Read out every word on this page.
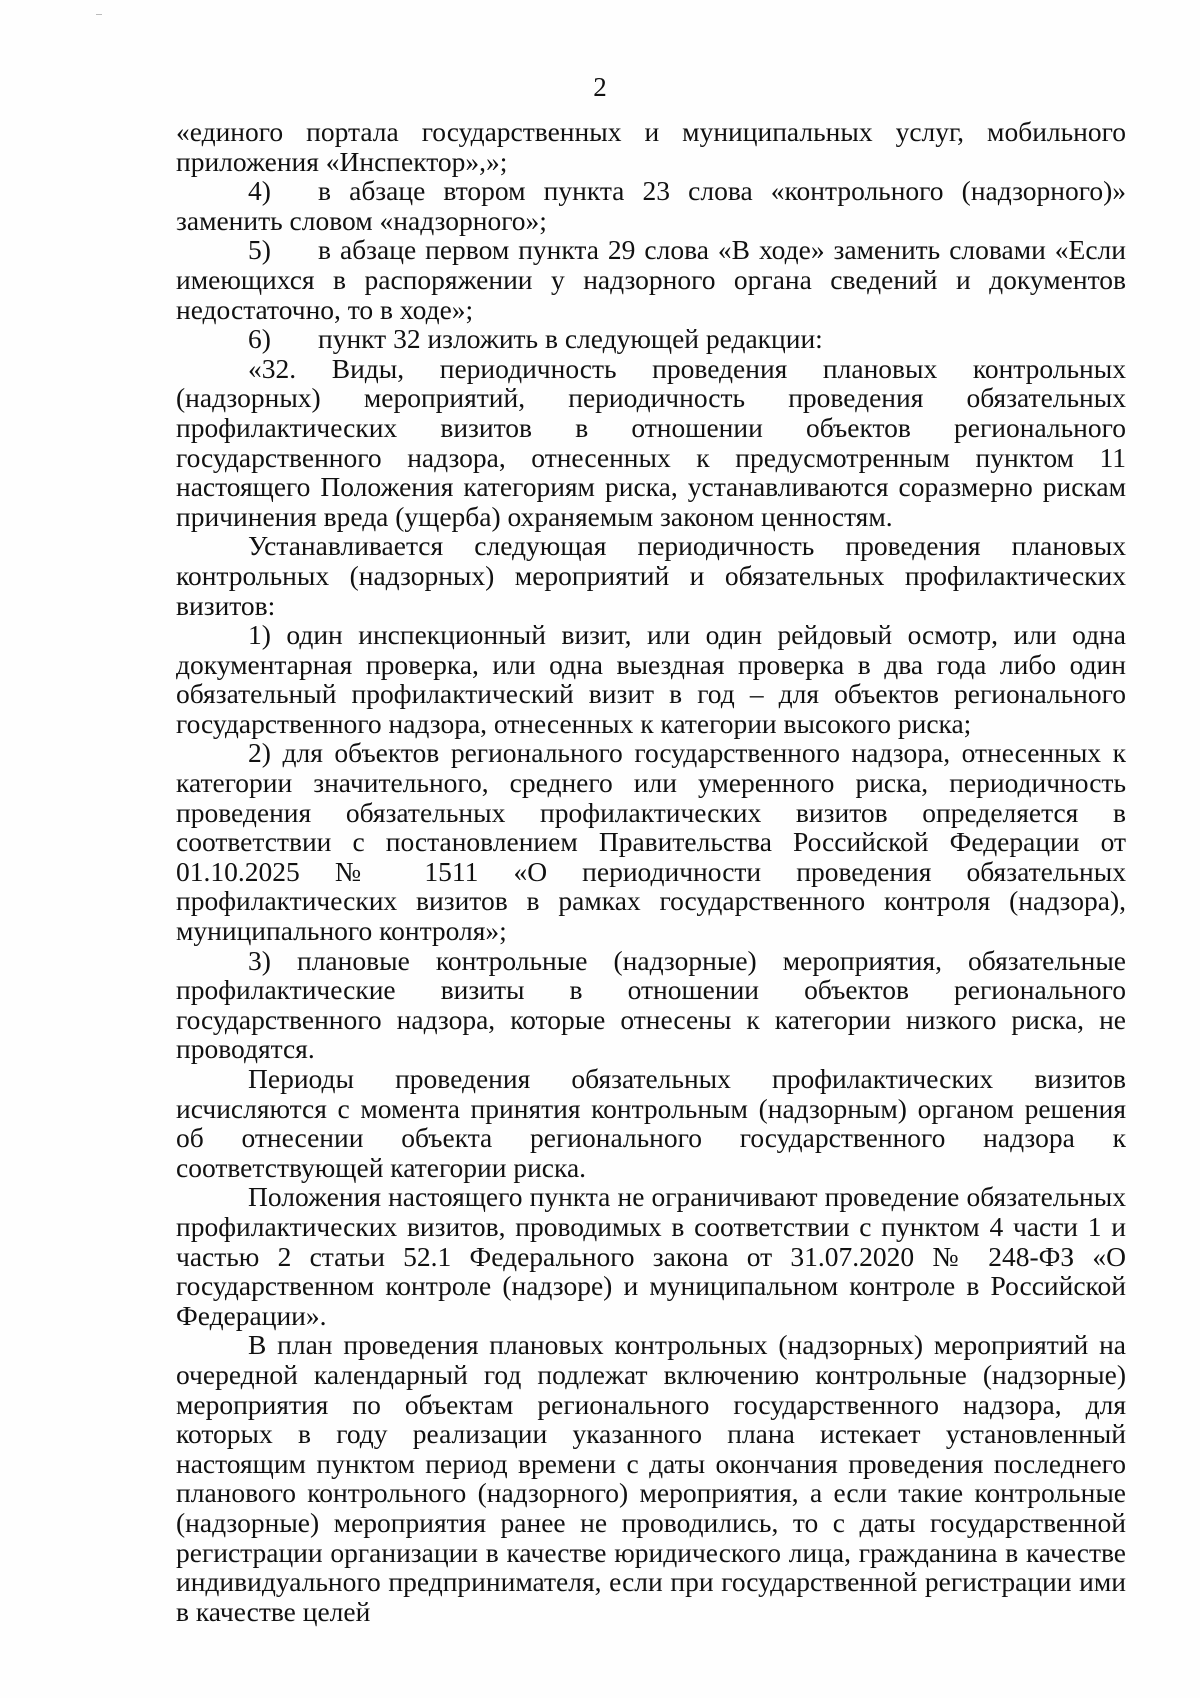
2

«единого портала государственных и муниципальных услуг, мобильного приложения «Инспектор»,»;

4) в абзаце втором пункта 23 слова «контрольного (надзорного)» заменить словом «надзорного»;

5) в абзаце первом пункта 29 слова «В ходе» заменить словами «Если имеющихся в распоряжении у надзорного органа сведений и документов недостаточно, то в ходе»;

6) пункт 32 изложить в следующей редакции:

«32. Виды, периодичность проведения плановых контрольных (надзорных) мероприятий, периодичность проведения обязательных профилактических визитов в отношении объектов регионального государственного надзора, отнесенных к предусмотренным пунктом 11 настоящего Положения категориям риска, устанавливаются соразмерно рискам причинения вреда (ущерба) охраняемым законом ценностям.

Устанавливается следующая периодичность проведения плановых контрольных (надзорных) мероприятий и обязательных профилактических визитов:

1) один инспекционный визит, или один рейдовый осмотр, или одна документарная проверка, или одна выездная проверка в два года либо один обязательный профилактический визит в год – для объектов регионального государственного надзора, отнесенных к категории высокого риска;

2) для объектов регионального государственного надзора, отнесенных к категории значительного, среднего или умеренного риска, периодичность проведения обязательных профилактических визитов определяется в соответствии с постановлением Правительства Российской Федерации от 01.10.2025 № 1511 «О периодичности проведения обязательных профилактических визитов в рамках государственного контроля (надзора), муниципального контроля»;

3) плановые контрольные (надзорные) мероприятия, обязательные профилактические визиты в отношении объектов регионального государственного надзора, которые отнесены к категории низкого риска, не проводятся.

Периоды проведения обязательных профилактических визитов исчисляются с момента принятия контрольным (надзорным) органом решения об отнесении объекта регионального государственного надзора к соответствующей категории риска.

Положения настоящего пункта не ограничивают проведение обязательных профилактических визитов, проводимых в соответствии с пунктом 4 части 1 и частью 2 статьи 52.1 Федерального закона от 31.07.2020 № 248-ФЗ «О государственном контроле (надзоре) и муниципальном контроле в Российской Федерации».

В план проведения плановых контрольных (надзорных) мероприятий на очередной календарный год подлежат включению контрольные (надзорные) мероприятия по объектам регионального государственного надзора, для которых в году реализации указанного плана истекает установленный настоящим пунктом период времени с даты окончания проведения последнего планового контрольного (надзорного) мероприятия, а если такие контрольные (надзорные) мероприятия ранее не проводились, то с даты государственной регистрации организации в качестве юридического лица, гражданина в качестве индивидуального предпринимателя, если при государственной регистрации ими в качестве целей
